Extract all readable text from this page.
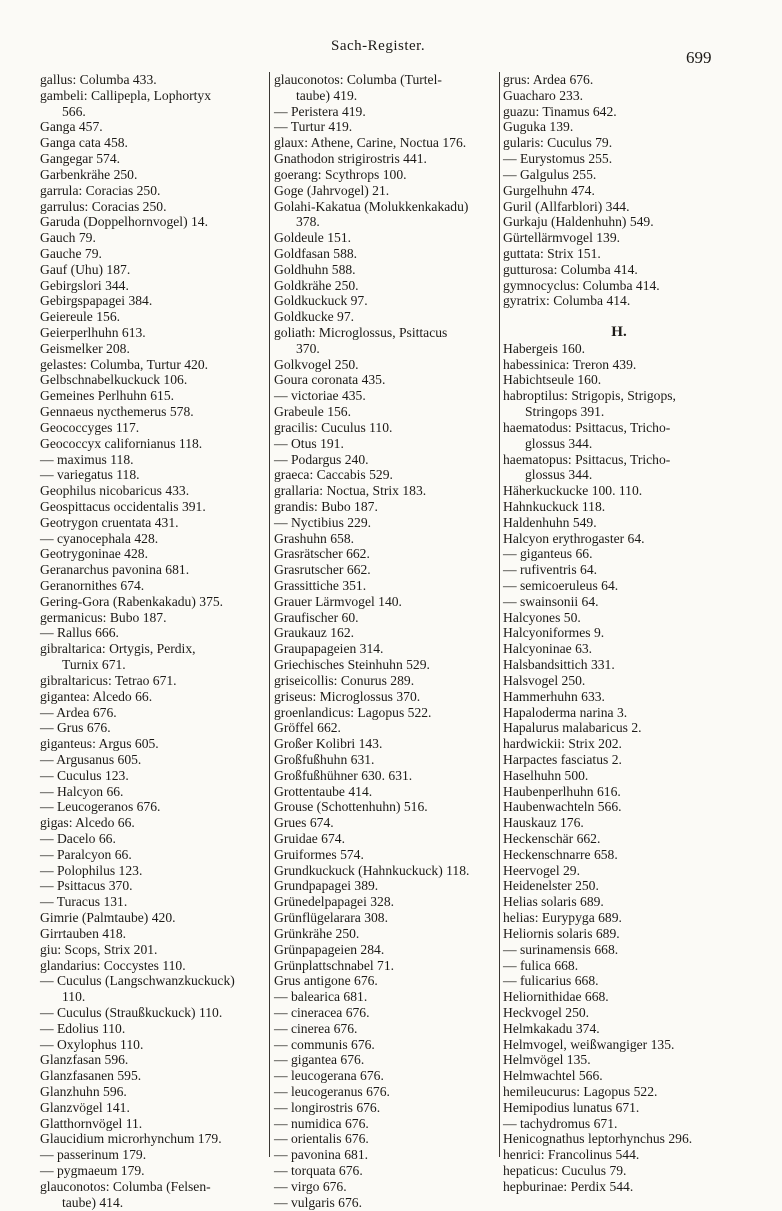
Sach-Register.
699
gallus: Columba 433.
gambeli: Callipepla, Lophortyx
566.
Ganga 457.
Ganga cata 458.
Gangegar 574.
Garbenkrähe 250.
garrula: Coracias 250.
garrulus: Coracias 250.
Garuda (Doppelhornvogel) 14.
Gauch 79.
Gauche 79.
Gauf (Uhu) 187.
Gebirgslori 344.
Gebirgspapagei 384.
Geiereule 156.
Geierperlhuhn 613.
Geismelker 208.
gelastes: Columba, Turtur 420.
Gelbschnabelkuckuck 106.
Gemeines Perlhuhn 615.
Gennaeus nycthemerus 578.
Geococcyges 117.
Geococcyx californianus 118.
— maximus 118.
— variegatus 118.
Geophilus nicobaricus 433.
Geospittacus occidentalis 391.
Geotrygon cruentata 431.
— cyanocephala 428.
Geotrygoninae 428.
Geranarchus pavonina 681.
Geranornithes 674.
Gering-Gora (Rabenkakadu) 375.
germanicus: Bubo 187.
— Rallus 666.
gibraltarica: Ortygis, Perdix,
Turnix 671.
gibraltaricus: Tetrao 671.
gigantea: Alcedo 66.
— Ardea 676.
— Grus 676.
giganteus: Argus 605.
— Argusanus 605.
— Cuculus 123.
— Halcyon 66.
— Leucogeranos 676.
gigas: Alcedo 66.
— Dacelo 66.
— Paralcyon 66.
— Polophilus 123.
— Psittacus 370.
— Turacus 131.
Gimrie (Palmtaube) 420.
Girrtauben 418.
giu: Scops, Strix 201.
glandarius: Coccystes 110.
— Cuculus (Langschwanzkuckuck)
110.
— Cuculus (Straußkuckuck) 110.
— Edolius 110.
— Oxylophus 110.
Glanzfasan 596.
Glanzfasanen 595.
Glanzhuhn 596.
Glanzvögel 141.
Glatthornvögel 11.
Glaucidium microrhynchum 179.
— passerinum 179.
— pygmaeum 179.
glauconotos: Columba (Felsen-
taube) 414.
glauconotos: Columba (Turtel-
taube) 419.
— Peristera 419.
— Turtur 419.
glaux: Athene, Carine, Noctua 176.
Gnathodon strigirostris 441.
goerang: Scythrops 100.
Goge (Jahrvogel) 21.
Golahi-Kakatua (Molukkenkakadu)
378.
Goldeule 151.
Goldfasan 588.
Goldhuhn 588.
Goldkrähe 250.
Goldkuckuck 97.
Goldkucke 97.
goliath: Microglossus, Psittacus
370.
Golkvogel 250.
Goura coronata 435.
— victoriae 435.
Grabeule 156.
gracilis: Cuculus 110.
— Otus 191.
— Podargus 240.
graeca: Caccabis 529.
grallaria: Noctua, Strix 183.
grandis: Bubo 187.
— Nyctibius 229.
Grashuhn 658.
Grasrätscher 662.
Grasrutscher 662.
Grassittiche 351.
Grauer Lärmvogel 140.
Graufischer 60.
Graukauz 162.
Graupapageien 314.
Griechisches Steinhuhn 529.
griseicollis: Conurus 289.
griseus: Microglossus 370.
groenlandicus: Lagopus 522.
Gröffel 662.
Großer Kolibri 143.
Großfußhuhn 631.
Großfußhühner 630. 631.
Grottentaube 414.
Grouse (Schottenhuhn) 516.
Grues 674.
Gruidae 674.
Gruiformes 574.
Grundkuckuck (Hahnkuckuck) 118.
Grundpapagei 389.
Grünedelpapagei 328.
Grünflügelarara 308.
Grünkrähe 250.
Grünpapageien 284.
Grünplattschnabel 71.
Grus antigone 676.
— balearica 681.
— cineracea 676.
— cinerea 676.
— communis 676.
— gigantea 676.
— leucogerana 676.
— leucogeranus 676.
— longirostris 676.
— numidica 676.
— orientalis 676.
— pavonina 681.
— torquata 676.
— virgo 676.
— vulgaris 676.
grus: Ardea 676.
Guacharo 233.
guazu: Tinamus 642.
Guguka 139.
gularis: Cuculus 79.
— Eurystomus 255.
— Galgulus 255.
Gurgelhuhn 474.
Guril (Allfarblori) 344.
Gurkaju (Haldenhuhn) 549.
Gürtellärmvogel 139.
guttata: Strix 151.
gutturosa: Columba 414.
gymnocyclus: Columba 414.
gyratrix: Columba 414.
H.
Habergeis 160.
habessinica: Treron 439.
Habichtseule 160.
habroptilus: Strigopis, Strigops,
Stringops 391.
haematodus: Psittacus, Tricho-
glossus 344.
haematopus: Psittacus, Tricho-
glossus 344.
Häherkuckucke 100. 110.
Hahnkuckuck 118.
Haldenhuhn 549.
Halcyon erythrogaster 64.
— giganteus 66.
— rufiventris 64.
— semicoeruleus 64.
— swainsonii 64.
Halcyones 50.
Halcyoniformes 9.
Halcyoninae 63.
Halsbandsittich 331.
Halsvogel 250.
Hammerhuhn 633.
Hapaloderma narina 3.
Hapalurus malabaricus 2.
hardwickii: Strix 202.
Harpactes fasciatus 2.
Haselhuhn 500.
Haubenperlhuhn 616.
Haubenwachteln 566.
Hauskauz 176.
Heckenschär 662.
Heckenschnarre 658.
Heervogel 29.
Heidenelster 250.
Helias solaris 689.
helias: Eurypyga 689.
Heliornis solaris 689.
— surinamensis 668.
— fulica 668.
— fulicarius 668.
Heliornithidae 668.
Heckvogel 250.
Helmkakadu 374.
Helmvogel, weißwangiger 135.
Helmvögel 135.
Helmwachtel 566.
hemileucurus: Lagopus 522.
Hemipodius lunatus 671.
— tachydromus 671.
Henicognathus leptorhynchus 296.
henrici: Francolinus 544.
hepaticus: Cuculus 79.
hepburinae: Perdix 544.
